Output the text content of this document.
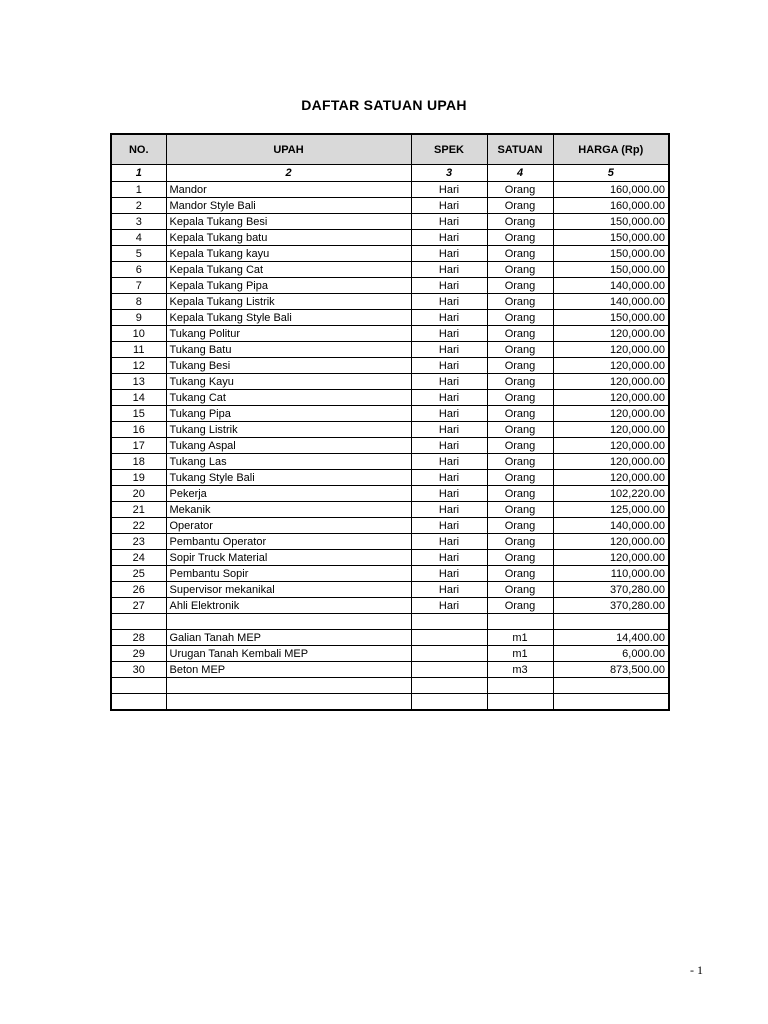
DAFTAR SATUAN UPAH
NO.	UPAH	SPEK	SATUAN	HARGA (Rp)
1	2	3	4	5
1	Mandor	Hari	Orang	160,000.00
2	Mandor Style Bali	Hari	Orang	160,000.00
3	Kepala Tukang Besi	Hari	Orang	150,000.00
4	Kepala Tukang batu	Hari	Orang	150,000.00
5	Kepala Tukang kayu	Hari	Orang	150,000.00
6	Kepala Tukang Cat	Hari	Orang	150,000.00
7	Kepala Tukang Pipa	Hari	Orang	140,000.00
8	Kepala Tukang Listrik	Hari	Orang	140,000.00
9	Kepala Tukang Style Bali	Hari	Orang	150,000.00
10	Tukang Politur	Hari	Orang	120,000.00
11	Tukang Batu	Hari	Orang	120,000.00
12	Tukang Besi	Hari	Orang	120,000.00
13	Tukang Kayu	Hari	Orang	120,000.00
14	Tukang Cat	Hari	Orang	120,000.00
15	Tukang Pipa	Hari	Orang	120,000.00
16	Tukang Listrik	Hari	Orang	120,000.00
17	Tukang Aspal	Hari	Orang	120,000.00
18	Tukang Las	Hari	Orang	120,000.00
19	Tukang Style Bali	Hari	Orang	120,000.00
20	Pekerja	Hari	Orang	102,220.00
21	Mekanik	Hari	Orang	125,000.00
22	Operator	Hari	Orang	140,000.00
23	Pembantu Operator	Hari	Orang	120,000.00
24	Sopir Truck Material	Hari	Orang	120,000.00
25	Pembantu Sopir	Hari	Orang	110,000.00
26	Supervisor mekanikal	Hari	Orang	370,280.00
27	Ahli Elektronik	Hari	Orang	370,280.00

28	Galian Tanah MEP		m1	14,400.00
29	Urugan Tanah Kembali MEP		m1	6,000.00
30	Beton MEP		m3	873,500.00

- 1
